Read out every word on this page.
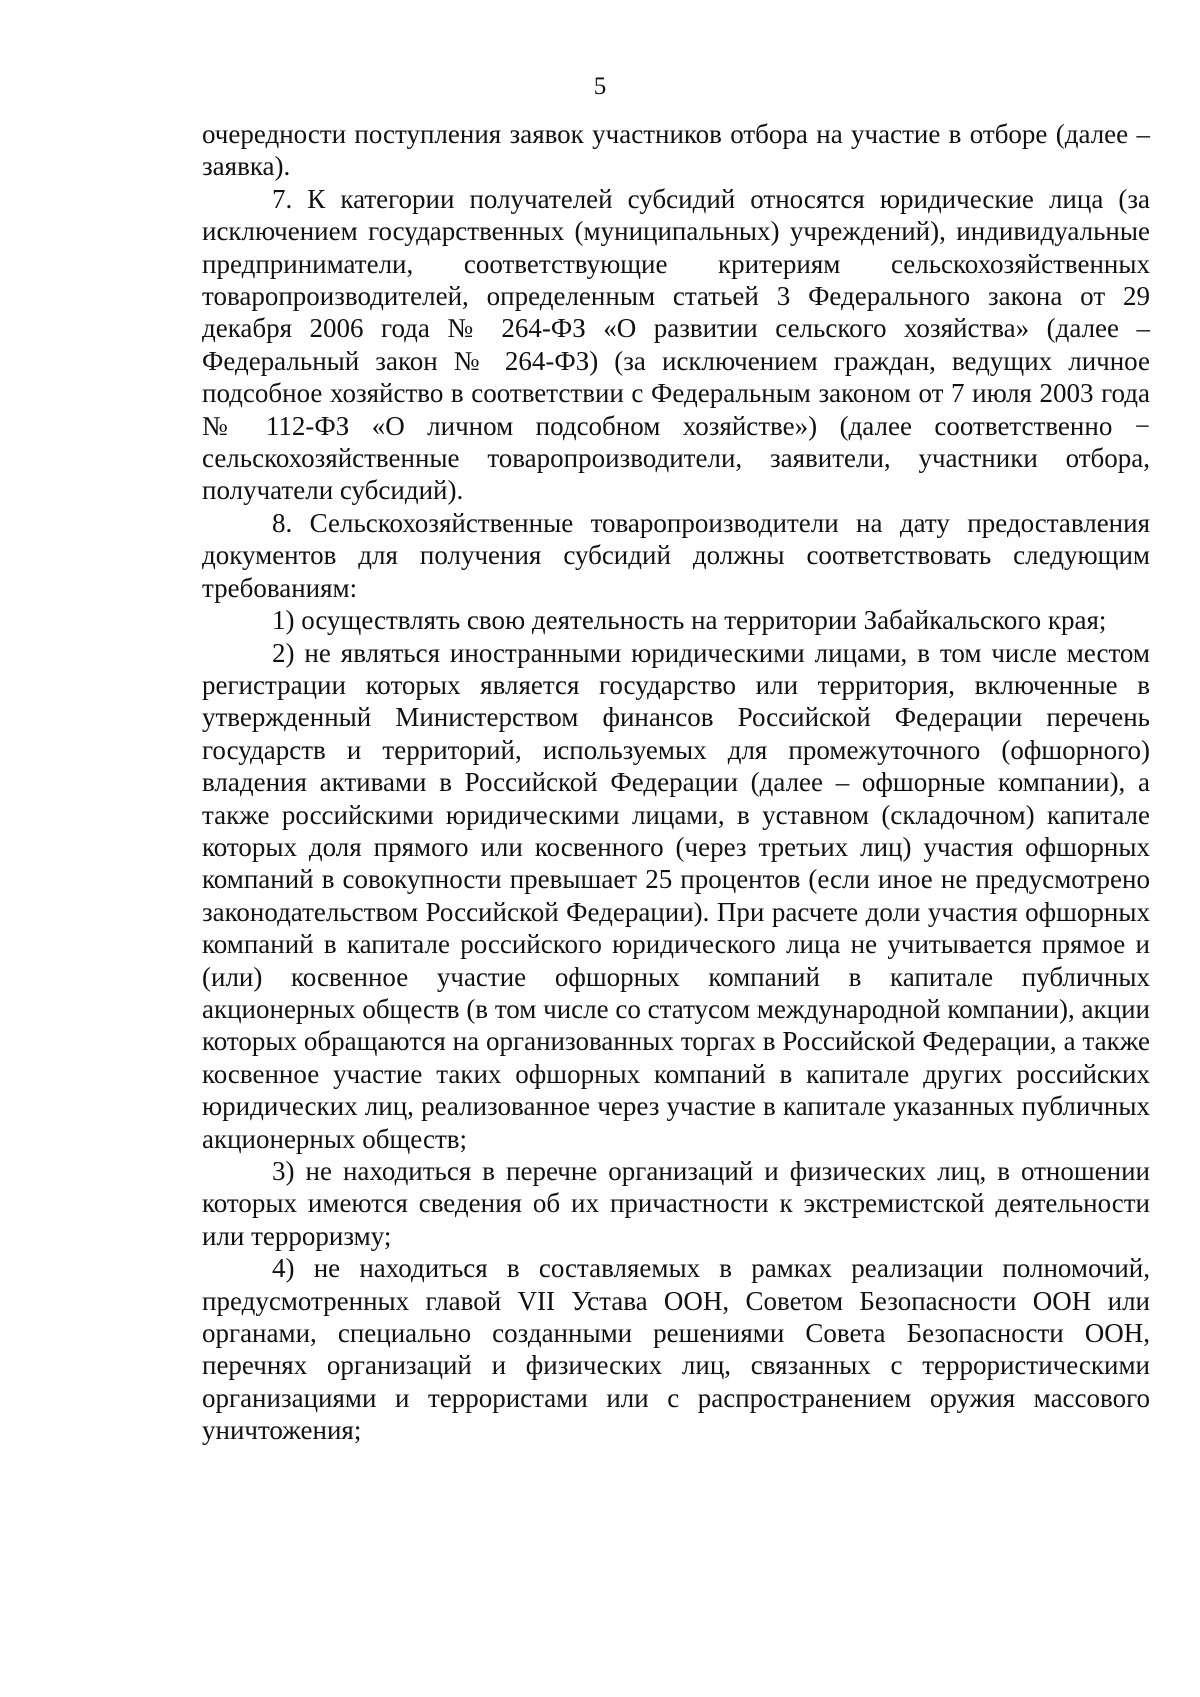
5

очередности поступления заявок участников отбора на участие в отборе (далее – заявка).

7. К категории получателей субсидий относятся юридические лица (за исключением государственных (муниципальных) учреждений), индивидуальные предприниматели, соответствующие критериям сельскохозяйственных товаропроизводителей, определенным статьей 3 Федерального закона от 29 декабря 2006 года № 264-ФЗ «О развитии сельского хозяйства» (далее – Федеральный закон № 264-ФЗ) (за исключением граждан, ведущих личное подсобное хозяйство в соответствии с Федеральным законом от 7 июля 2003 года № 112-ФЗ «О личном подсобном хозяйстве») (далее соответственно − сельскохозяйственные товаропроизводители, заявители, участники отбора, получатели субсидий).

8. Сельскохозяйственные товаропроизводители на дату предоставления документов для получения субсидий должны соответствовать следующим требованиям:

1) осуществлять свою деятельность на территории Забайкальского края;

2) не являться иностранными юридическими лицами, в том числе местом регистрации которых является государство или территория, включенные в утвержденный Министерством финансов Российской Федерации перечень государств и территорий, используемых для промежуточного (офшорного) владения активами в Российской Федерации (далее – офшорные компании), а также российскими юридическими лицами, в уставном (складочном) капитале которых доля прямого или косвенного (через третьих лиц) участия офшорных компаний в совокупности превышает 25 процентов (если иное не предусмотрено законодательством Российской Федерации). При расчете доли участия офшорных компаний в капитале российского юридического лица не учитывается прямое и (или) косвенное участие офшорных компаний в капитале публичных акционерных обществ (в том числе со статусом международной компании), акции которых обращаются на организованных торгах в Российской Федерации, а также косвенное участие таких офшорных компаний в капитале других российских юридических лиц, реализованное через участие в капитале указанных публичных акционерных обществ;

3) не находиться в перечне организаций и физических лиц, в отношении которых имеются сведения об их причастности к экстремистской деятельности или терроризму;

4) не находиться в составляемых в рамках реализации полномочий, предусмотренных главой VII Устава ООН, Советом Безопасности ООН или органами, специально созданными решениями Совета Безопасности ООН, перечнях организаций и физических лиц, связанных с террористическими организациями и террористами или с распространением оружия массового уничтожения;
